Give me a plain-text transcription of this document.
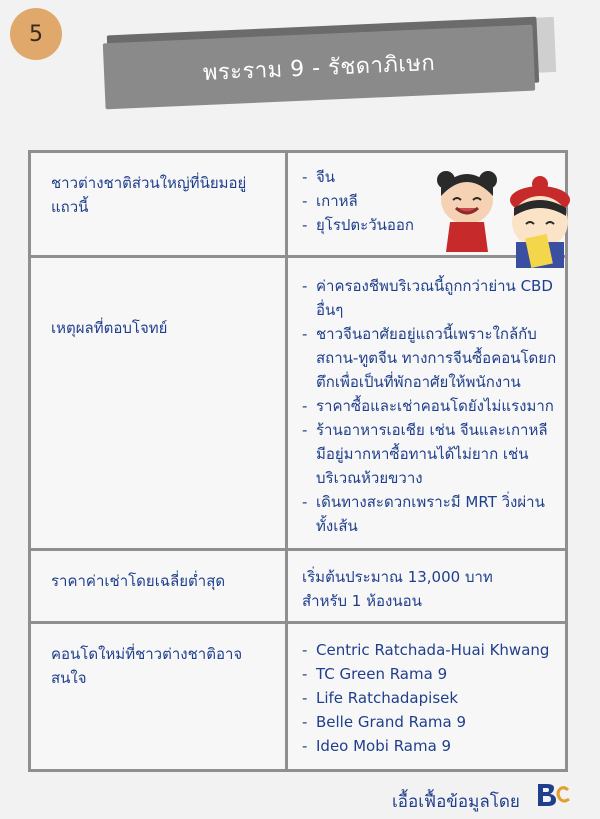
5
พระราม 9 - รัชดาภิเษก
ชาวต่างชาติส่วนใหญ่ที่นิยมอยู่แถวนี้
- จีน
- เกาหลี
- ยุโรปตะวันออก
เหตุผลที่ตอบโจทย์
- ค่าครองชีพบริเวณนี้ถูกกว่าย่าน CBD อื่นๆ
- ชาวจีนอาศัยอยู่แถวนี้เพราะใกล้กับสถาน-ทูตจีน ทางการจีนซื้อคอนโดยกตึกเพื่อเป็นที่พักอาศัยให้พนักงาน
- ราคาซื้อและเช่าคอนโดยังไม่แรงมาก
- ร้านอาหารเอเชีย เช่น จีนและเกาหลี มีอยู่มากหาซื้อทานได้ไม่ยาก เช่น บริเวณห้วยขวาง
- เดินทางสะดวกเพราะมี MRT วิ่งผ่านทั้งเส้น
ราคาค่าเช่าโดยเฉลี่ยต่ำสุด	เริ่มต้นประมาณ 13,000 บาท
สำหรับ 1 ห้องนอน
คอนโดใหม่ที่ชาวต่างชาติอาจสนใจ
- Centric Ratchada-Huai Khwang
- TC Green Rama 9
- Life Ratchadapisek
- Belle Grand Rama 9
- Ideo Mobi Rama 9
เอื้อเฟื้อข้อมูลโดย
